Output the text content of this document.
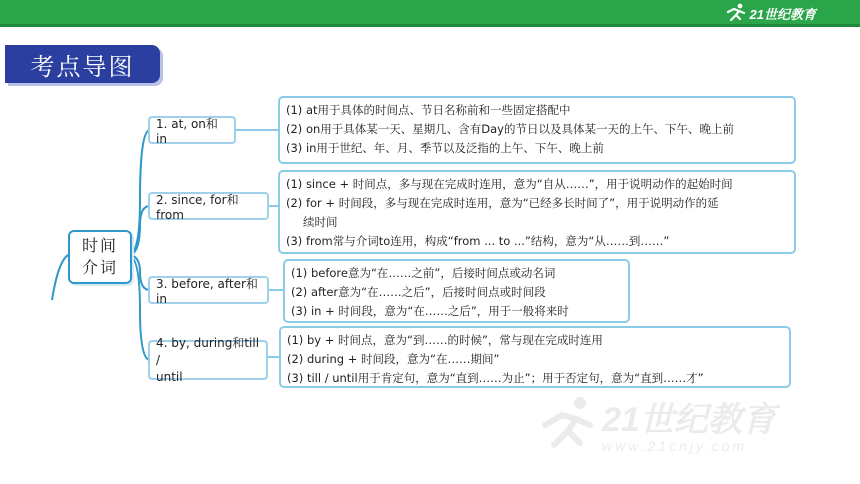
21世纪教育
考点导图
时间
介词
1. at, on和in
(1) at用于具体的时间点、节日名称前和一些固定搭配中
(2) on用于具体某一天、星期几、含有Day的节日以及具体某一天的上午、下午、晚上前
(3) in用于世纪、年、月、季节以及泛指的上午、下午、晚上前
2. since, for和from
(1) since + 时间点，多与现在完成时连用，意为“自从……”，用于说明动作的起始时间
(2) for + 时间段，多与现在完成时连用，意为“已经多长时间了”，用于说明动作的延
续时间
(3) from常与介词to连用，构成“from ... to ...”结构，意为“从……到……”
3. before, after和in
(1) before意为“在……之前”，后接时间点或动名词
(2) after意为“在……之后”，后接时间点或时间段
(3) in + 时间段，意为“在……之后”，用于一般将来时
4. by, during和till /
until
(1) by + 时间点，意为“到……的时候”，常与现在完成时连用
(2) during + 时间段，意为“在……期间”
(3) till / until用于肯定句，意为“直到……为止”；用于否定句，意为“直到……才”
21世纪教育
www.21cnjy.com
